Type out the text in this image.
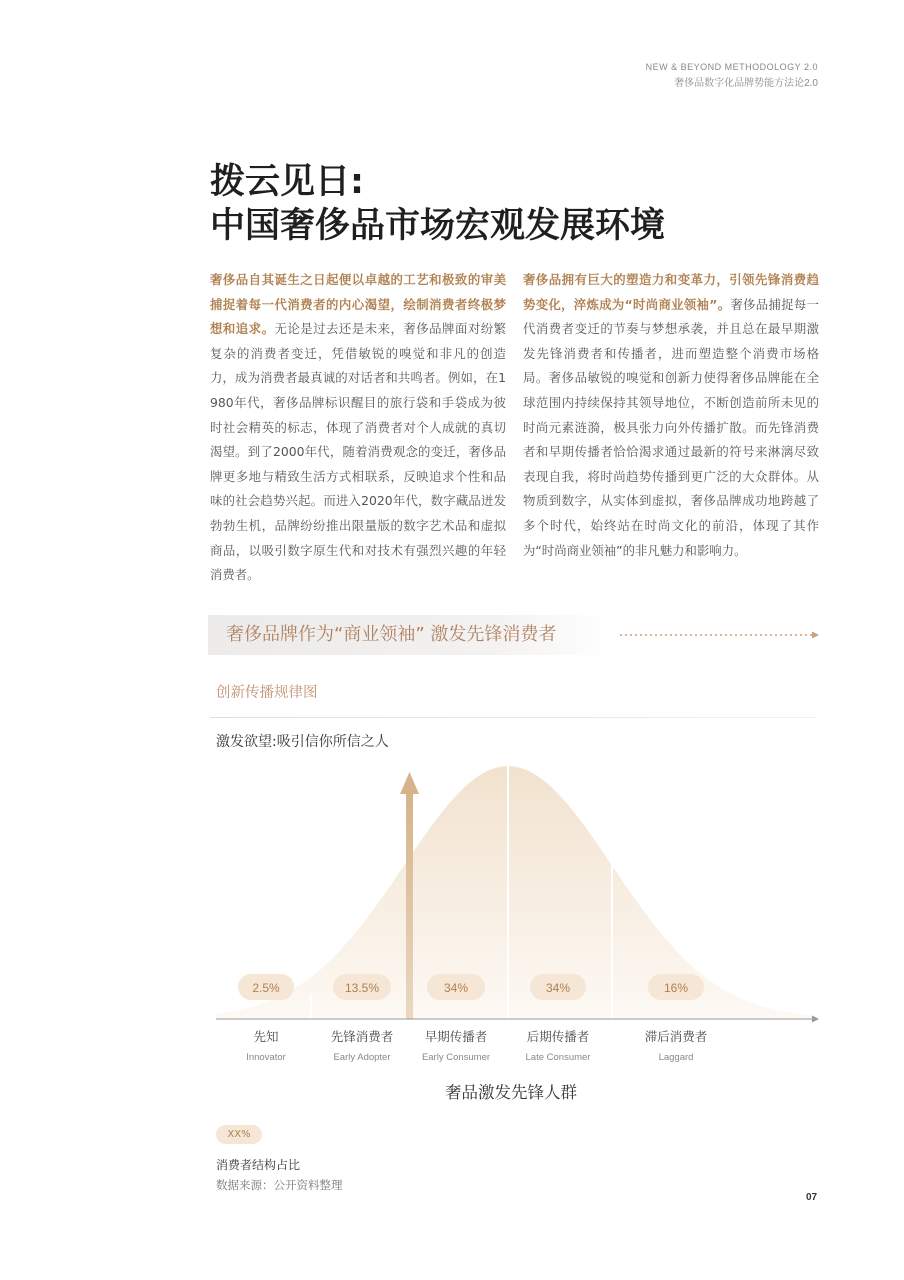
NEW & BEYOND METHODOLOGY 2.0
奢侈品数字化品牌势能方法论2.0
拨云见日:
中国奢侈品市场宏观发展环境
奢侈品自其诞生之日起便以卓越的工艺和极致的审美捕捉着每一代消费者的内心渴望，绘制消费者终极梦想和追求。无论是过去还是未来，奢侈品牌面对纷繁复杂的消费者变迁，凭借敏锐的嗅觉和非凡的创造力，成为消费者最真诚的对话者和共鸣者。例如，在1980年代，奢侈品牌标识醒目的旅行袋和手袋成为彼时社会精英的标志，体现了消费者对个人成就的真切渴望。到了2000年代，随着消费观念的变迁，奢侈品牌更多地与精致生活方式相联系，反映追求个性和品味的社会趋势兴起。而进入2020年代，数字藏品迸发勃勃生机，品牌纷纷推出限量版的数字艺术品和虚拟商品，以吸引数字原生代和对技术有强烈兴趣的年轻消费者。
奢侈品拥有巨大的塑造力和变革力，引领先锋消费趋势变化，淬炼成为“时尚商业领袖”。奢侈品捕捉每一代消费者变迁的节奏与梦想承袭，并且总在最早期激发先锋消费者和传播者，进而塑造整个消费市场格局。奢侈品敏锐的嗅觉和创新力使得奢侈品牌能在全球范围内持续保持其领导地位，不断创造前所未见的时尚元素涟漪，极具张力向外传播扩散。而先锋消费者和早期传播者恰恰渴求通过最新的符号来淋漓尽致表现自我，将时尚趋势传播到更广泛的大众群体。从物质到数字，从实体到虚拟，奢侈品牌成功地跨越了多个时代，始终站在时尚文化的前沿，体现了其作为“时尚商业领袖”的非凡魅力和影响力。
奢侈品牌作为“商业领袖” 激发先锋消费者
创新传播规律图
激发欲望:吸引信你所信之人
2.5%	13.5%	34%	34%	16%
先知
Innovator
先锋消费者
Early Adopter
早期传播者
Early Consumer
后期传播者
Late Consumer
滞后消费者
Laggard
奢品激发先锋人群
XX%
消费者结构占比
数据来源：公开资料整理
07
